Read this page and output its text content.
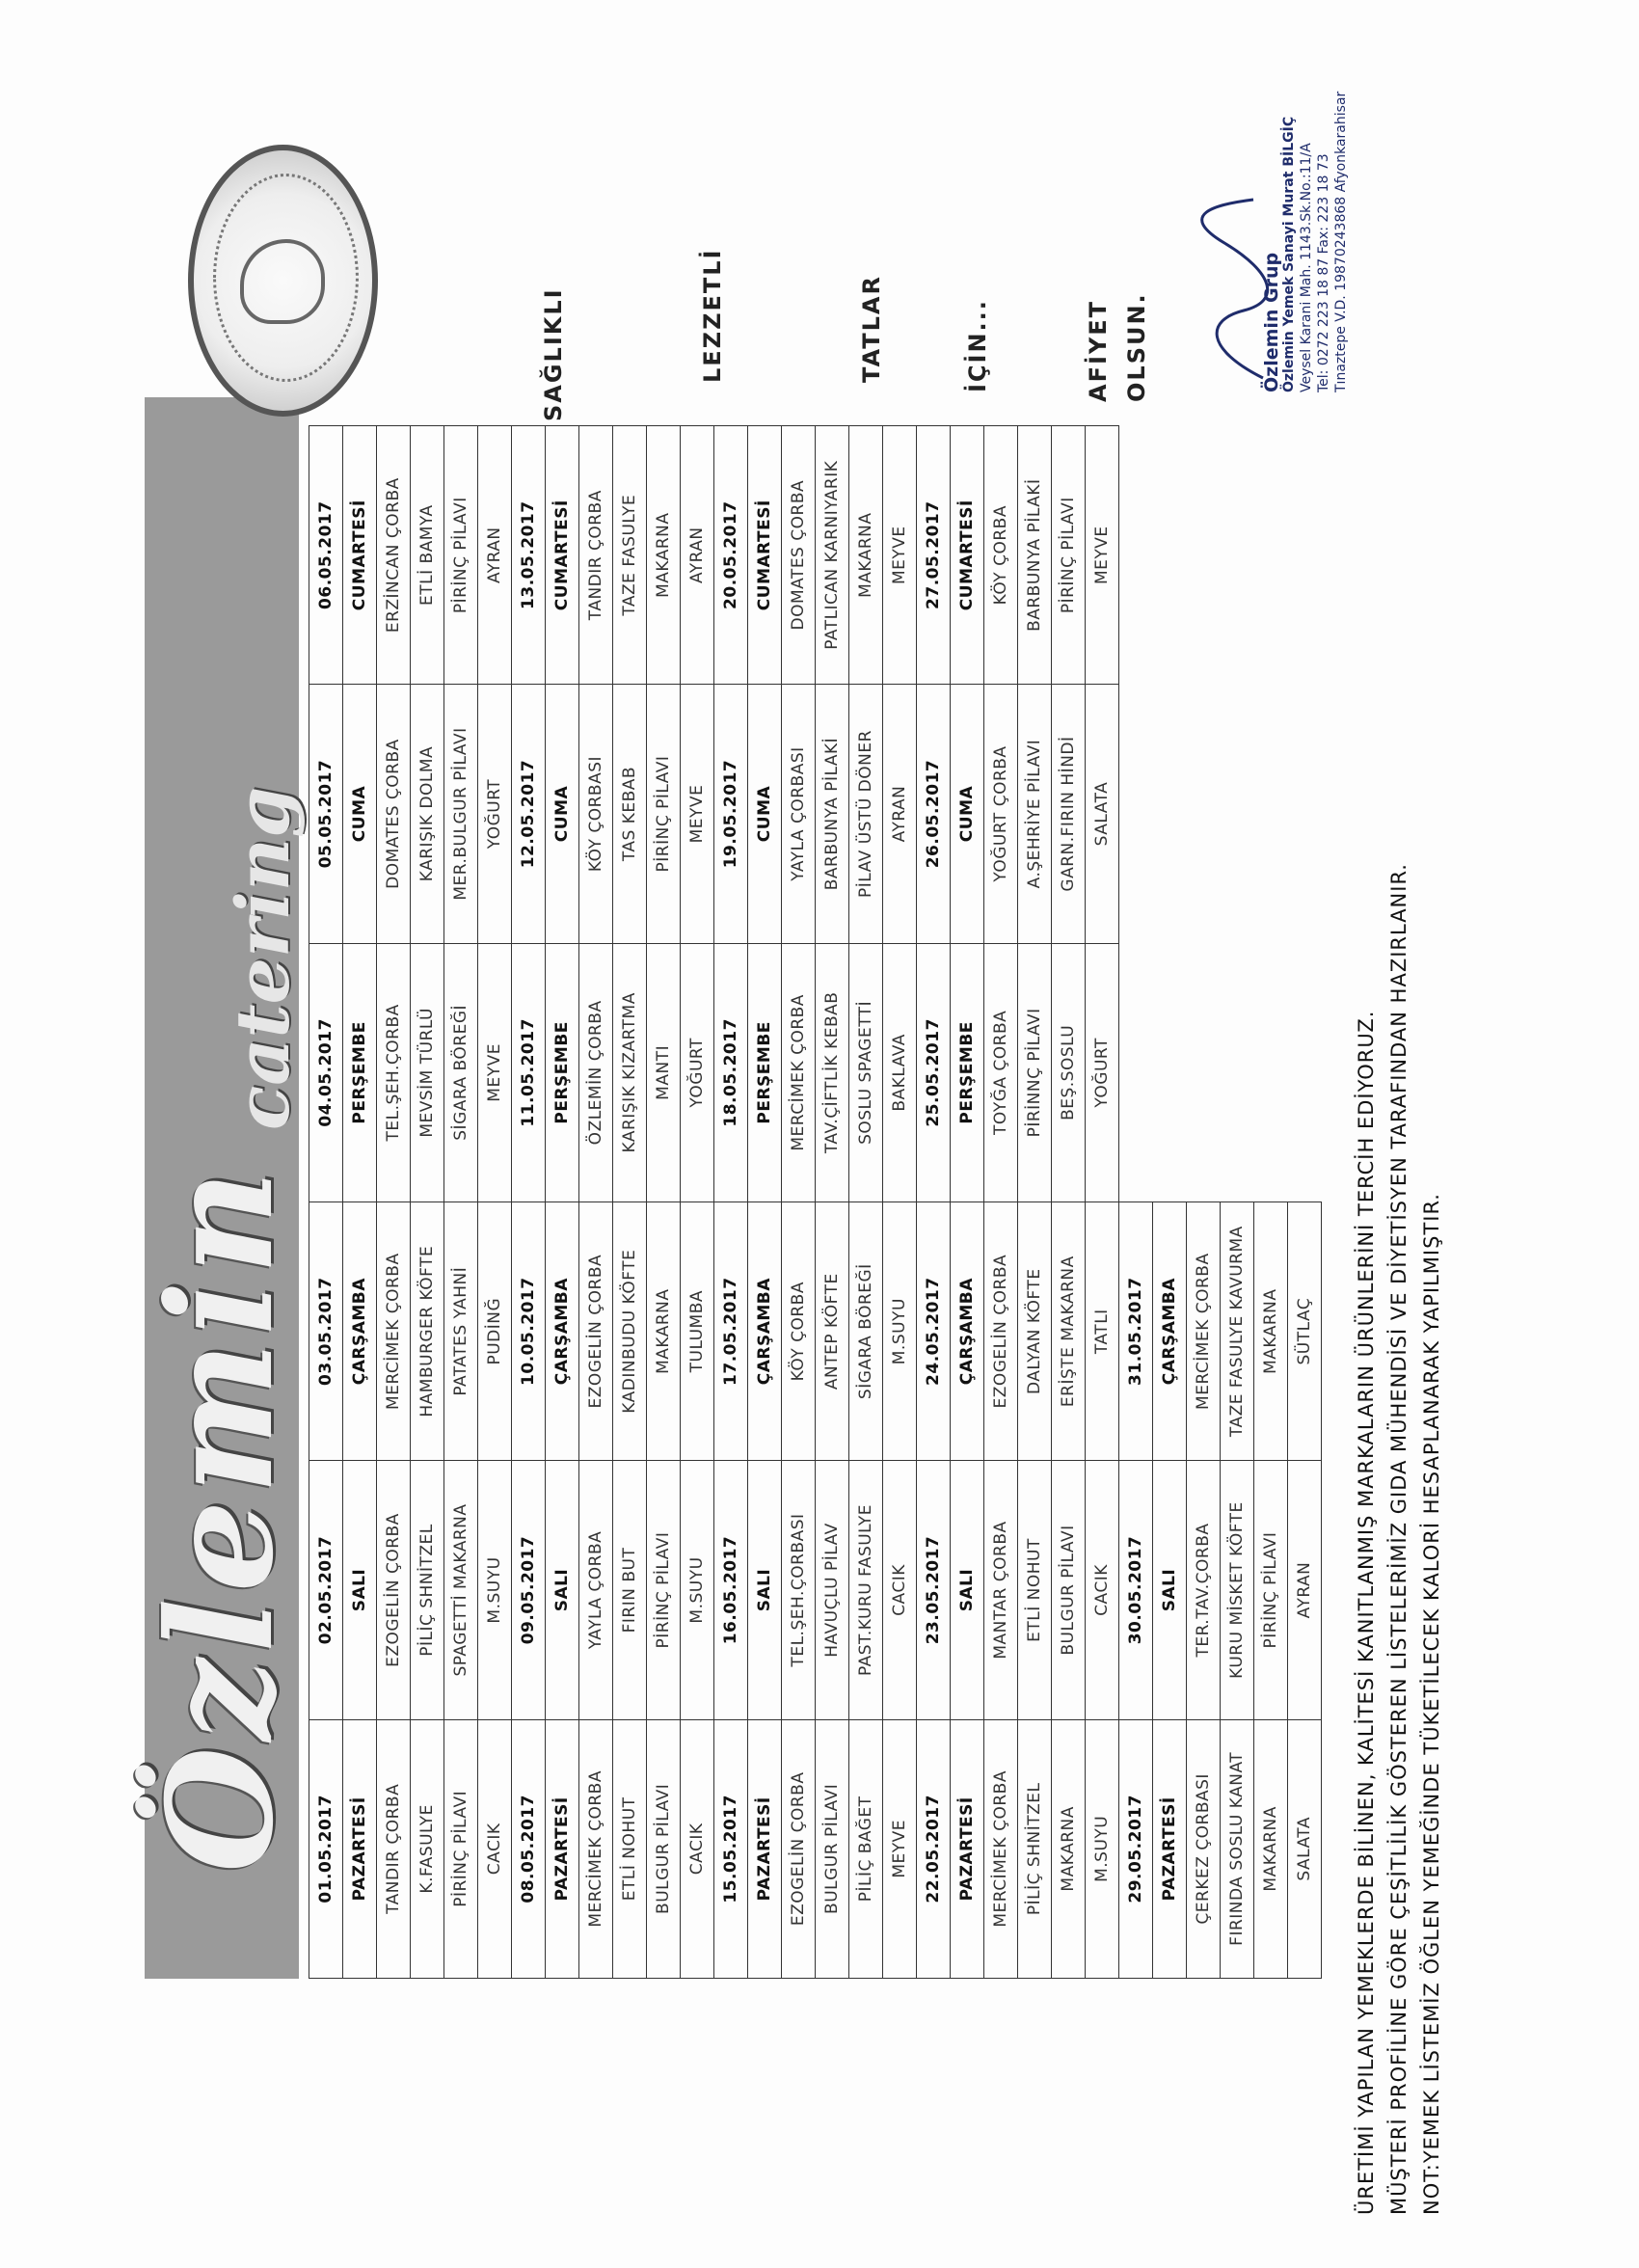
Özlemin
catering
01.05.2017	02.05.2017	03.05.2017	04.05.2017	05.05.2017	06.05.2017
PAZARTESİ	SALI	ÇARŞAMBA	PERŞEMBE	CUMA	CUMARTESİ
TANDIR ÇORBA	EZOGELİN ÇORBA	MERCİMEK ÇORBA	TEL.ŞEH.ÇORBA	DOMATES ÇORBA	ERZİNCAN ÇORBA
K.FASULYE	PİLİÇ SHNİTZEL	HAMBURGER KÖFTE	MEVSİM TÜRLÜ	KARIŞIK DOLMA	ETLİ BAMYA
PİRİNÇ PİLAVI	SPAGETTİ MAKARNA	PATATES YAHNİ	SİGARA BÖREĞİ	MER.BULGUR PİLAVI	PİRİNÇ PİLAVI
CACIK	M.SUYU	PUDİNĞ	MEYVE	YOĞURT	AYRAN
08.05.2017	09.05.2017	10.05.2017	11.05.2017	12.05.2017	13.05.2017
PAZARTESİ	SALI	ÇARŞAMBA	PERŞEMBE	CUMA	CUMARTESİ
MERCİMEK ÇORBA	YAYLA ÇORBA	EZOGELİN ÇORBA	ÖZLEMİN ÇORBA	KÖY ÇORBASI	TANDIR ÇORBA
ETLİ NOHUT	FIRIN BUT	KADINBUDU KÖFTE	KARIŞIK KIZARTMA	TAS KEBAB	TAZE FASULYE
BULGUR PİLAVI	PİRİNÇ PİLAVI	MAKARNA	MANTI	PİRİNÇ PİLAVI	MAKARNA
CACIK	M.SUYU	TULUMBA	YOĞURT	MEYVE	AYRAN
15.05.2017	16.05.2017	17.05.2017	18.05.2017	19.05.2017	20.05.2017
PAZARTESİ	SALI	ÇARŞAMBA	PERŞEMBE	CUMA	CUMARTESİ
EZOGELİN ÇORBA	TEL.ŞEH.ÇORBASI	KÖY ÇORBA	MERCİMEK ÇORBA	YAYLA ÇORBASI	DOMATES ÇORBA
BULGUR PİLAVI	HAVUÇLU PİLAV	ANTEP KÖFTE	TAV.ÇİFTLİK KEBAB	BARBUNYA PİLAKİ	PATLICAN KARNIYARIK
PİLİÇ BAĞET	PAST.KURU FASULYE	SİGARA BÖREĞİ	SOSLU SPAGETTİ	PİLAV ÜSTÜ DÖNER	MAKARNA
MEYVE	CACIK	M.SUYU	BAKLAVA	AYRAN	MEYVE
22.05.2017	23.05.2017	24.05.2017	25.05.2017	26.05.2017	27.05.2017
PAZARTESİ	SALI	ÇARŞAMBA	PERŞEMBE	CUMA	CUMARTESİ
MERCİMEK ÇORBA	MANTAR ÇORBA	EZOGELİN ÇORBA	TOYĞA ÇORBA	YOĞURT ÇORBA	KÖY ÇORBA
PİLİÇ SHNİTZEL	ETLİ NOHUT	DALYAN KÖFTE	PİRİNNÇ PİLAVI	A.ŞEHRİYE PİLAVI	BARBUNYA PİLAKİ
MAKARNA	BULGUR PİLAVI	ERİŞTE MAKARNA	BEŞ.SOSLU	GARN.FIRIN HİNDİ	PİRİNÇ PİLAVI
M.SUYU	CACIK	TATLI	YOĞURT	SALATA	MEYVE
29.05.2017	30.05.2017	31.05.2017			
PAZARTESİ	SALI	ÇARŞAMBA			
ÇERKEZ ÇORBASI	TER.TAV.ÇORBA	MERCİMEK ÇORBA			
FIRINDA SOSLU KANAT	KURU MİSKET KÖFTE	TAZE FASULYE KAVURMA			
MAKARNA	PİRİNÇ PİLAVI	MAKARNA			
SALATA	AYRAN	SÜTLAÇ			
SAĞLIKLI	LEZZETLİ	TATLAR	İÇİN...	AFİYET OLSUN.	Özlemin Grup Özlemin Yemek Sanayi Murat BİLGİÇ Veysel Karani Mah. 1143.Sk.No.:11/A Tel: 0272 223 18 87 Fax: 223 18 73 Tınaztepe V.D. 19870243868 Afyonkarahisar
ÜRETİMİ YAPILAN YEMEKLERDE BİLİNEN, KALİTESİ KANITLANMIŞ MARKALARIN ÜRÜNLERİNİ TERCİH EDİYORUZ. MÜŞTERİ PROFİLİNE GÖRE ÇEŞİTLİLİK GÖSTEREN LİSTELERİMİZ GIDA MÜHENDİSİ VE DİYETİSYEN TARAFINDAN HAZIRLANIR. NOT:YEMEK LİSTEMİZ ÖĞLEN YEMEĞİNDE TÜKETİLECEK KALORİ HESAPLANARAK YAPILMIŞTIR.
